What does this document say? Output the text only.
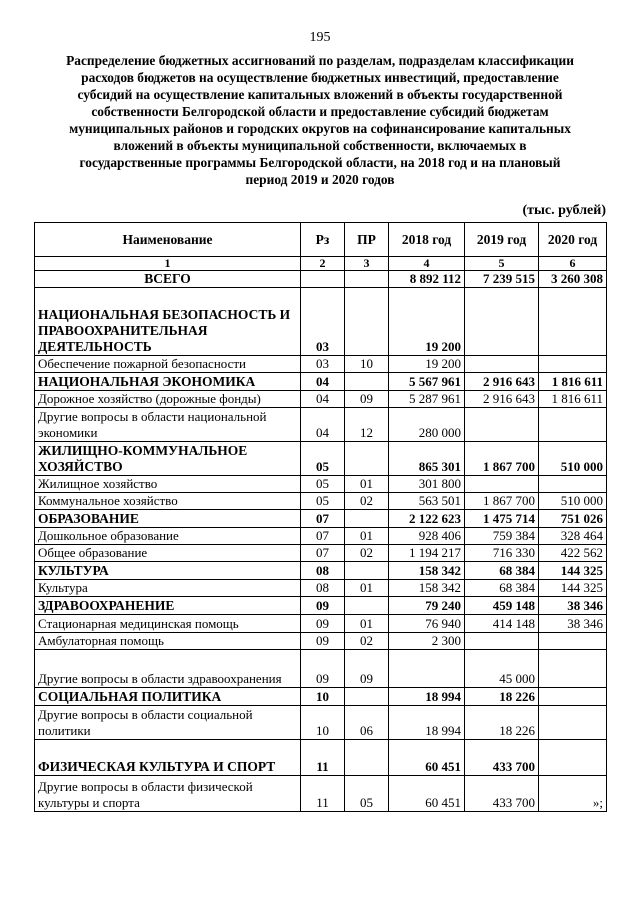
195
Распределение бюджетных ассигнований по разделам, подразделам классификации
расходов бюджетов на осуществление бюджетных инвестиций, предоставление
субсидий на осуществление капитальных вложений в объекты государственной
собственности Белгородской области и предоставление субсидий бюджетам
муниципальных районов и городских округов на софинансирование капитальных
вложений в объекты муниципальной собственности, включаемых в
государственные программы Белгородской области, на 2018 год и на плановый
период 2019 и 2020 годов
(тыс. рублей)
Наименование	Рз	ПР	2018 год	2019 год	2020 год
1	2	3	4	5	6
ВСЕГО			8 892 112	7 239 515	3 260 308
НАЦИОНАЛЬНАЯ БЕЗОПАСНОСТЬ И ПРАВООХРАНИТЕЛЬНАЯ ДЕЯТЕЛЬНОСТЬ	03		19 200		
Обеспечение пожарной безопасности	03	10	19 200		
НАЦИОНАЛЬНАЯ ЭКОНОМИКА	04		5 567 961	2 916 643	1 816 611
Дорожное хозяйство (дорожные фонды)	04	09	5 287 961	2 916 643	1 816 611
Другие вопросы в области национальной экономики	04	12	280 000		
ЖИЛИЩНО-КОММУНАЛЬНОЕ ХОЗЯЙСТВО	05		865 301	1 867 700	510 000
Жилищное хозяйство	05	01	301 800		
Коммунальное хозяйство	05	02	563 501	1 867 700	510 000
ОБРАЗОВАНИЕ	07		2 122 623	1 475 714	751 026
Дошкольное образование	07	01	928 406	759 384	328 464
Общее образование	07	02	1 194 217	716 330	422 562
КУЛЬТУРА	08		158 342	68 384	144 325
Культура	08	01	158 342	68 384	144 325
ЗДРАВООХРАНЕНИЕ	09		79 240	459 148	38 346
Стационарная медицинская помощь	09	01	76 940	414 148	38 346
Амбулаторная помощь	09	02	2 300		
Другие вопросы в области здравоохранения	09	09		45 000	
СОЦИАЛЬНАЯ ПОЛИТИКА	10		18 994	18 226	
Другие вопросы в области социальной политики	10	06	18 994	18 226	
ФИЗИЧЕСКАЯ КУЛЬТУРА И СПОРТ	11		60 451	433 700	
Другие вопросы в области физической культуры и спорта	11	05	60 451	433 700	»;
